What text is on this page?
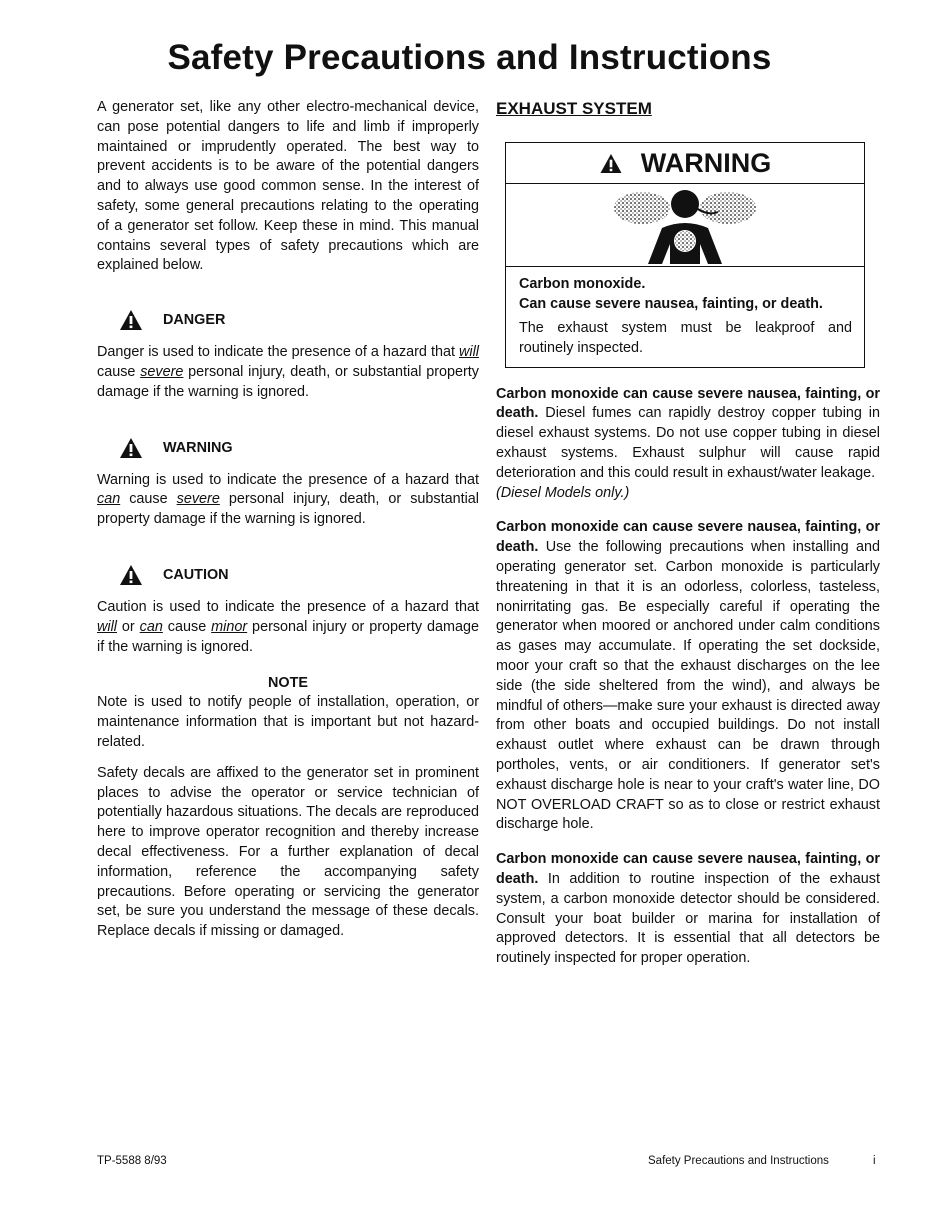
Safety Precautions and Instructions

A generator set, like any other electro-mechanical device, can pose potential dangers to life and limb if improperly maintained or imprudently operated. The best way to prevent accidents is to be aware of the potential dangers and to always use good common sense. In the interest of safety, some general precautions relating to the operating of a generator set follow. Keep these in mind. This manual contains several types of safety precautions which are explained below.

DANGER

Danger is used to indicate the presence of a hazard that will cause severe personal injury, death, or substantial property damage if the warning is ignored.

WARNING

Warning is used to indicate the presence of a hazard that can cause severe personal injury, death, or substantial property damage if the warning is ignored.

CAUTION

Caution is used to indicate the presence of a hazard that will or can cause minor personal injury or property damage if the warning is ignored.

NOTE

Note is used to notify people of installation, operation, or maintenance information that is important but not hazard-related.

Safety decals are affixed to the generator set in prominent places to advise the operator or service technician of potentially hazardous situations. The decals are reproduced here to improve operator recognition and thereby increase decal effectiveness. For a further explanation of decal information, reference the accompanying safety precautions. Before operating or servicing the generator set, be sure you understand the message of these decals. Replace decals if missing or damaged.

EXHAUST SYSTEM
WARNING
Carbon monoxide.
Can cause severe nausea, fainting, or death.

The exhaust system must be leakproof and routinely inspected.

Carbon monoxide can cause severe nausea, fainting, or death. Diesel fumes can rapidly destroy copper tubing in diesel exhaust systems. Do not use copper tubing in diesel exhaust systems. Exhaust sulphur will cause rapid deterioration and this could result in exhaust/water leakage.

(Diesel Models only.)

Carbon monoxide can cause severe nausea, fainting, or death. Use the following precautions when installing and operating generator set. Carbon monoxide is particularly threatening in that it is an odorless, colorless, tasteless, nonirritating gas. Be especially careful if operating the generator when moored or anchored under calm conditions as gases may accumulate. If operating the set dockside, moor your craft so that the exhaust discharges on the lee side (the side sheltered from the wind), and always be mindful of others—make sure your exhaust is directed away from other boats and occupied buildings. Do not install exhaust outlet where exhaust can be drawn through portholes, vents, or air conditioners. If generator set's exhaust discharge hole is near to your craft's water line, DO NOT OVERLOAD CRAFT so as to close or restrict exhaust discharge hole.

Carbon monoxide can cause severe nausea, fainting, or death. In addition to routine inspection of the exhaust system, a carbon monoxide detector should be considered. Consult your boat builder or marina for installation of approved detectors. It is essential that all detectors be routinely inspected for proper operation.

TP-5588 8/93	Safety Precautions and Instructions	i
